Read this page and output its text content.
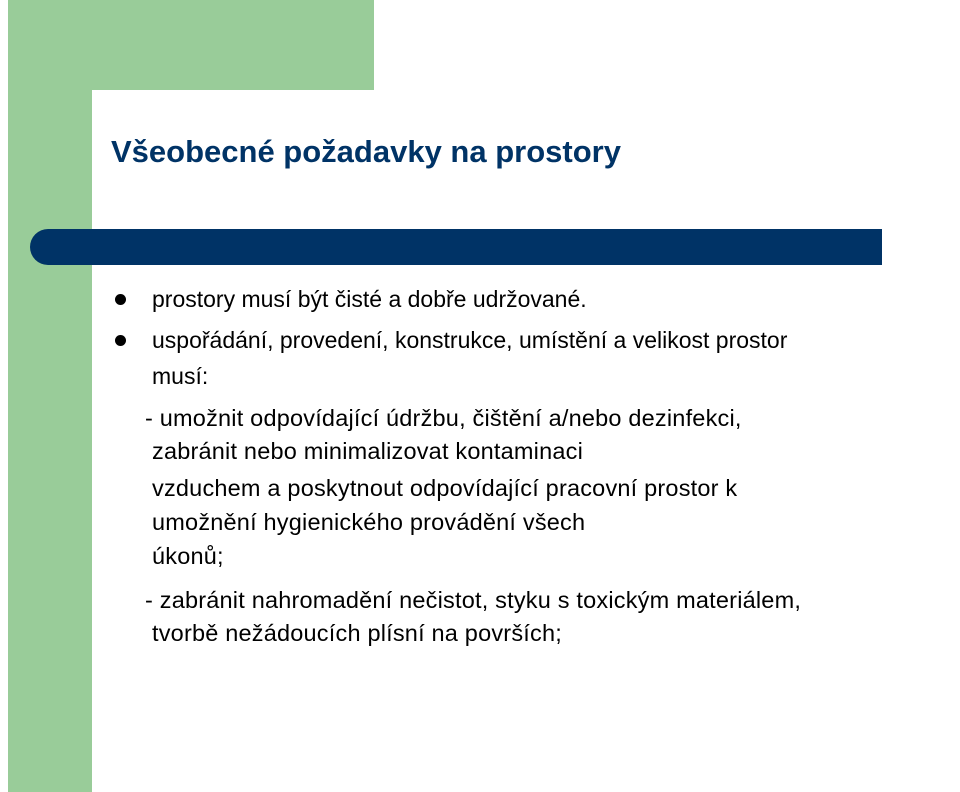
Všeobecné požadavky na prostory
prostory musí být čisté a dobře udržované.
uspořádání, provedení, konstrukce, umístění a velikost prostor
musí:
- umožnit odpovídající údržbu, čištění a/nebo dezinfekci,
zabránit nebo minimalizovat kontaminaci
vzduchem a poskytnout odpovídající pracovní prostor k
umožnění hygienického provádění všech
úkonů;
- zabránit nahromadění nečistot, styku s toxickým materiálem,
tvorbě nežádoucích plísní na površích;
